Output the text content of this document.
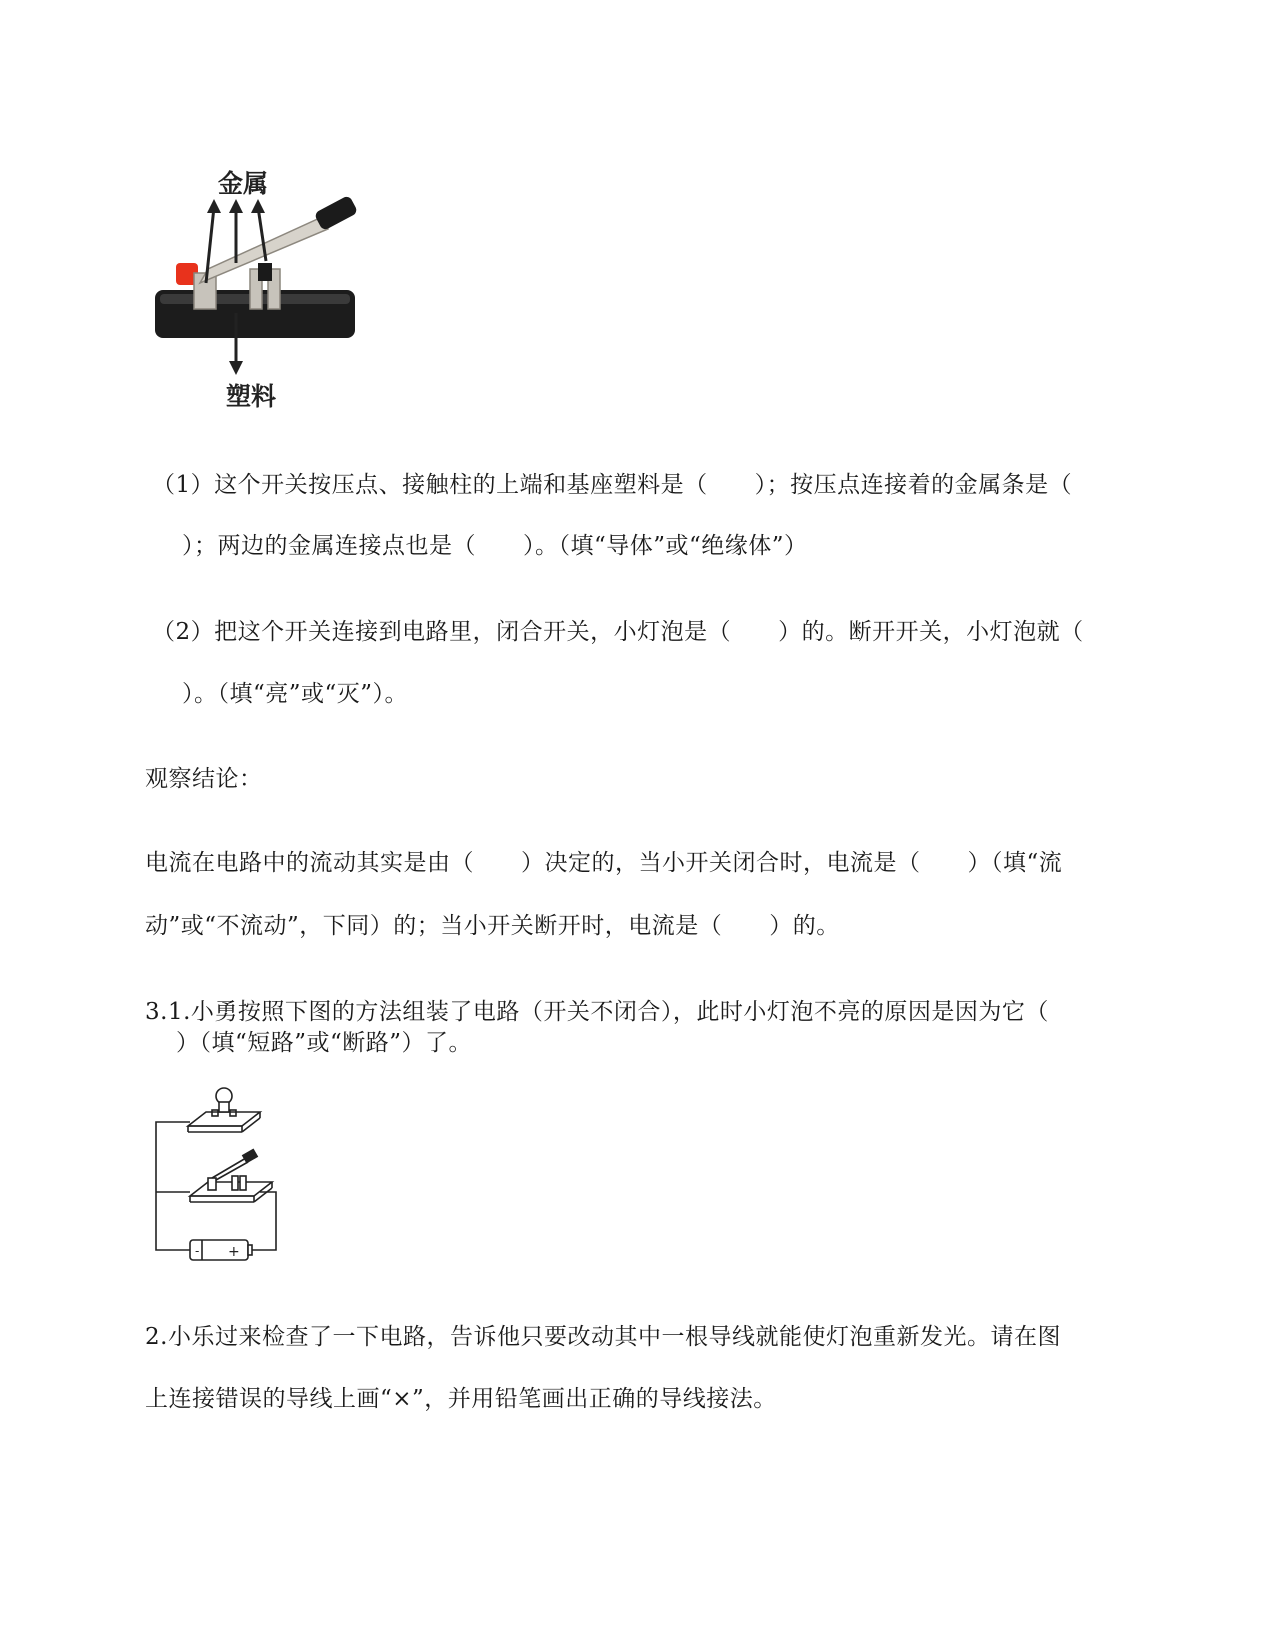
金属
塑料
（1）这个开关按压点、接触柱的上端和基座塑料是（　　）；按压点连接着的金属条是（
）；两边的金属连接点也是（　　）。（填“导体”或“绝缘体”）
（2）把这个开关连接到电路里，闭合开关，小灯泡是（　　）的。断开开关，小灯泡就（
）。（填“亮”或“灭”）。
观察结论：
电流在电路中的流动其实是由（　　）决定的，当小开关闭合时，电流是（　　）（填“流
动”或“不流动”，下同）的；当小开关断开时，电流是（　　）的。
3.1.小勇按照下图的方法组装了电路（开关不闭合），此时小灯泡不亮的原因是因为它（
）（填“短路”或“断路”）了。
- +
2.小乐过来检查了一下电路，告诉他只要改动其中一根导线就能使灯泡重新发光。请在图
上连接错误的导线上画“×”，并用铅笔画出正确的导线接法。
